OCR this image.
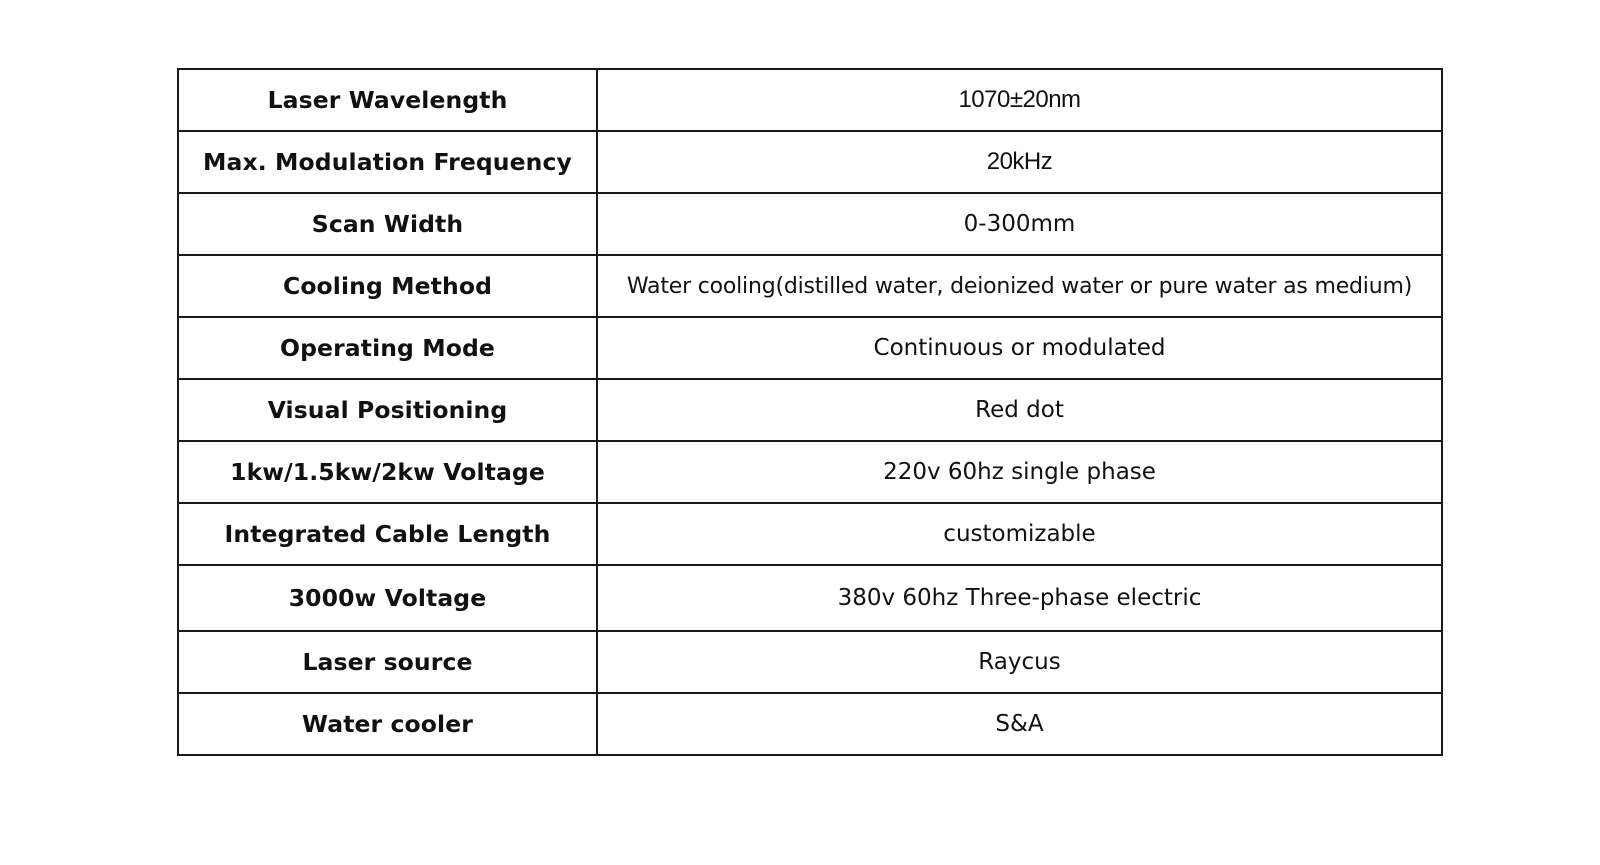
Laser Wavelength	1070±20nm
Max. Modulation Frequency	20kHz
Scan Width	0-300mm
Cooling Method	Water cooling(distilled water, deionized water or pure water as medium)
Operating Mode	Continuous or modulated
Visual Positioning	Red dot
1kw/1.5kw/2kw Voltage	220v 60hz single phase
Integrated Cable Length	customizable
3000w Voltage	380v 60hz Three-phase electric
Laser source	Raycus
Water cooler	S&A
